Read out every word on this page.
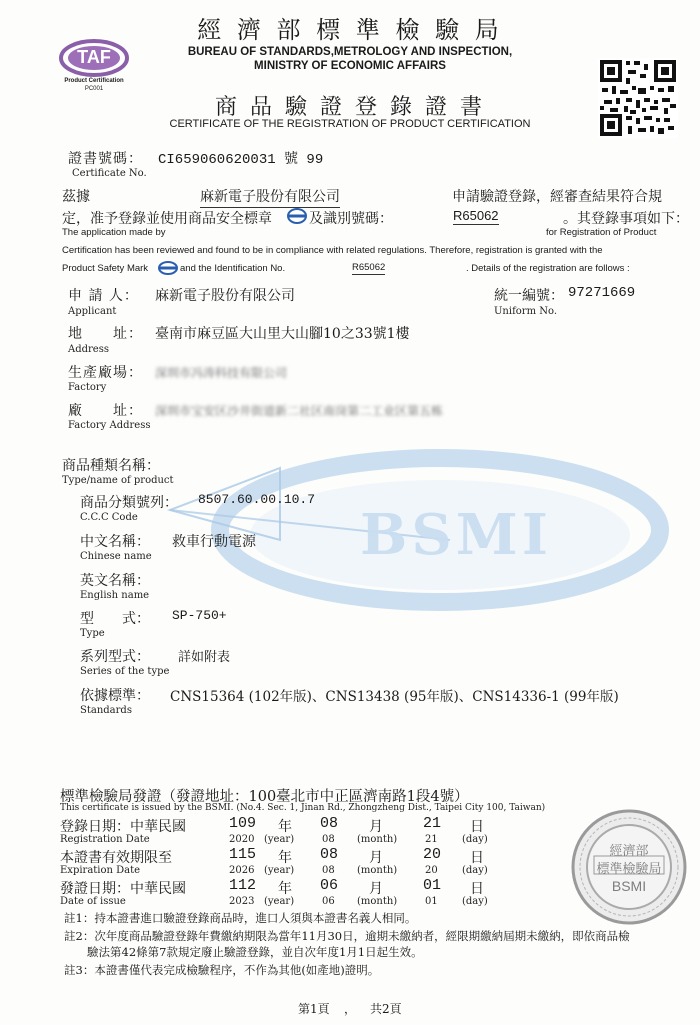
TAF
Product Certification
PC001
經 濟 部 標 準 檢 驗 局
BUREAU OF STANDARDS,METROLOGY AND INSPECTION,
MINISTRY OF ECONOMIC AFFAIRS
商 品 驗 證 登 錄 證 書
CERTIFICATE OF THE REGISTRATION OF PRODUCT CERTIFICATION
BSMI
證書號碼： CI659060620031 號 99
Certificate No.
茲據	麻新電子股份有限公司	申請驗證登錄，經審查結果符合規
定，准予登錄並使用商品安全標章	及識別號碼：	R65062	。其登錄事項如下：
The application made by	for Registration of Product
Certification has been reviewed and found to be in compliance with related regulations. Therefore, registration is granted with the
Product Safety Mark	and the Identification No.	R65062	. Details of the registration are follows :
申 請 人： 麻新電子股份有限公司
Applicant
統一編號： 97271669
Uniform No.
地　　址： 臺南市麻豆區大山里大山腳10之33號1樓
Address
生產廠場： 深圳市冯涛科技有限公司
Factory
廠　　址： 深圳市宝安区沙井街道新二社区南岗第二工业区第五栋
Factory Address
商品種類名稱：
Type/name of product
商品分類號列： 8507.60.00.10.7
C.C.C Code
中文名稱： 救車行動電源
Chinese name
英文名稱：
English name
型　　式： SP-750+
Type
系列型式： 詳如附表
Series of the type
依據標準： CNS15364 (102年版)、CNS13438 (95年版)、CNS14336-1 (99年版)
Standards
標準檢驗局發證（發證地址：100臺北市中正區濟南路1段4號）
This certificate is issued by the BSMI. (No.4. Sec. 1, Jinan Rd., Zhongzheng Dist., Taipei City 100, Taiwan)
登錄日期：中華民國	109 年 08 月	21 日
Registration Date	2020 (year)	08 (month)	21 (day)
本證書有效期限至	115 年 08 月	20 日
Expiration Date	2026 (year)	08 (month)	20 (day)
發證日期：中華民國	112 年 06 月	01 日
Date of issue	2023 (year)	06 (month)	01 (day)
經濟部
標準檢驗局
BSMI
註1：持本證書進口驗證登錄商品時，進口人須與本證書名義人相同。
註2：次年度商品驗證登錄年費繳納期限為當年11月30日，逾期未繳納者，經限期繳納屆期未繳納，即依商品檢
　　驗法第42條第7款規定廢止驗證登錄，並自次年度1月1日起生效。
註3：本證書僅代表完成檢驗程序，不作為其他(如產地)證明。
第1頁 ， 共2頁
